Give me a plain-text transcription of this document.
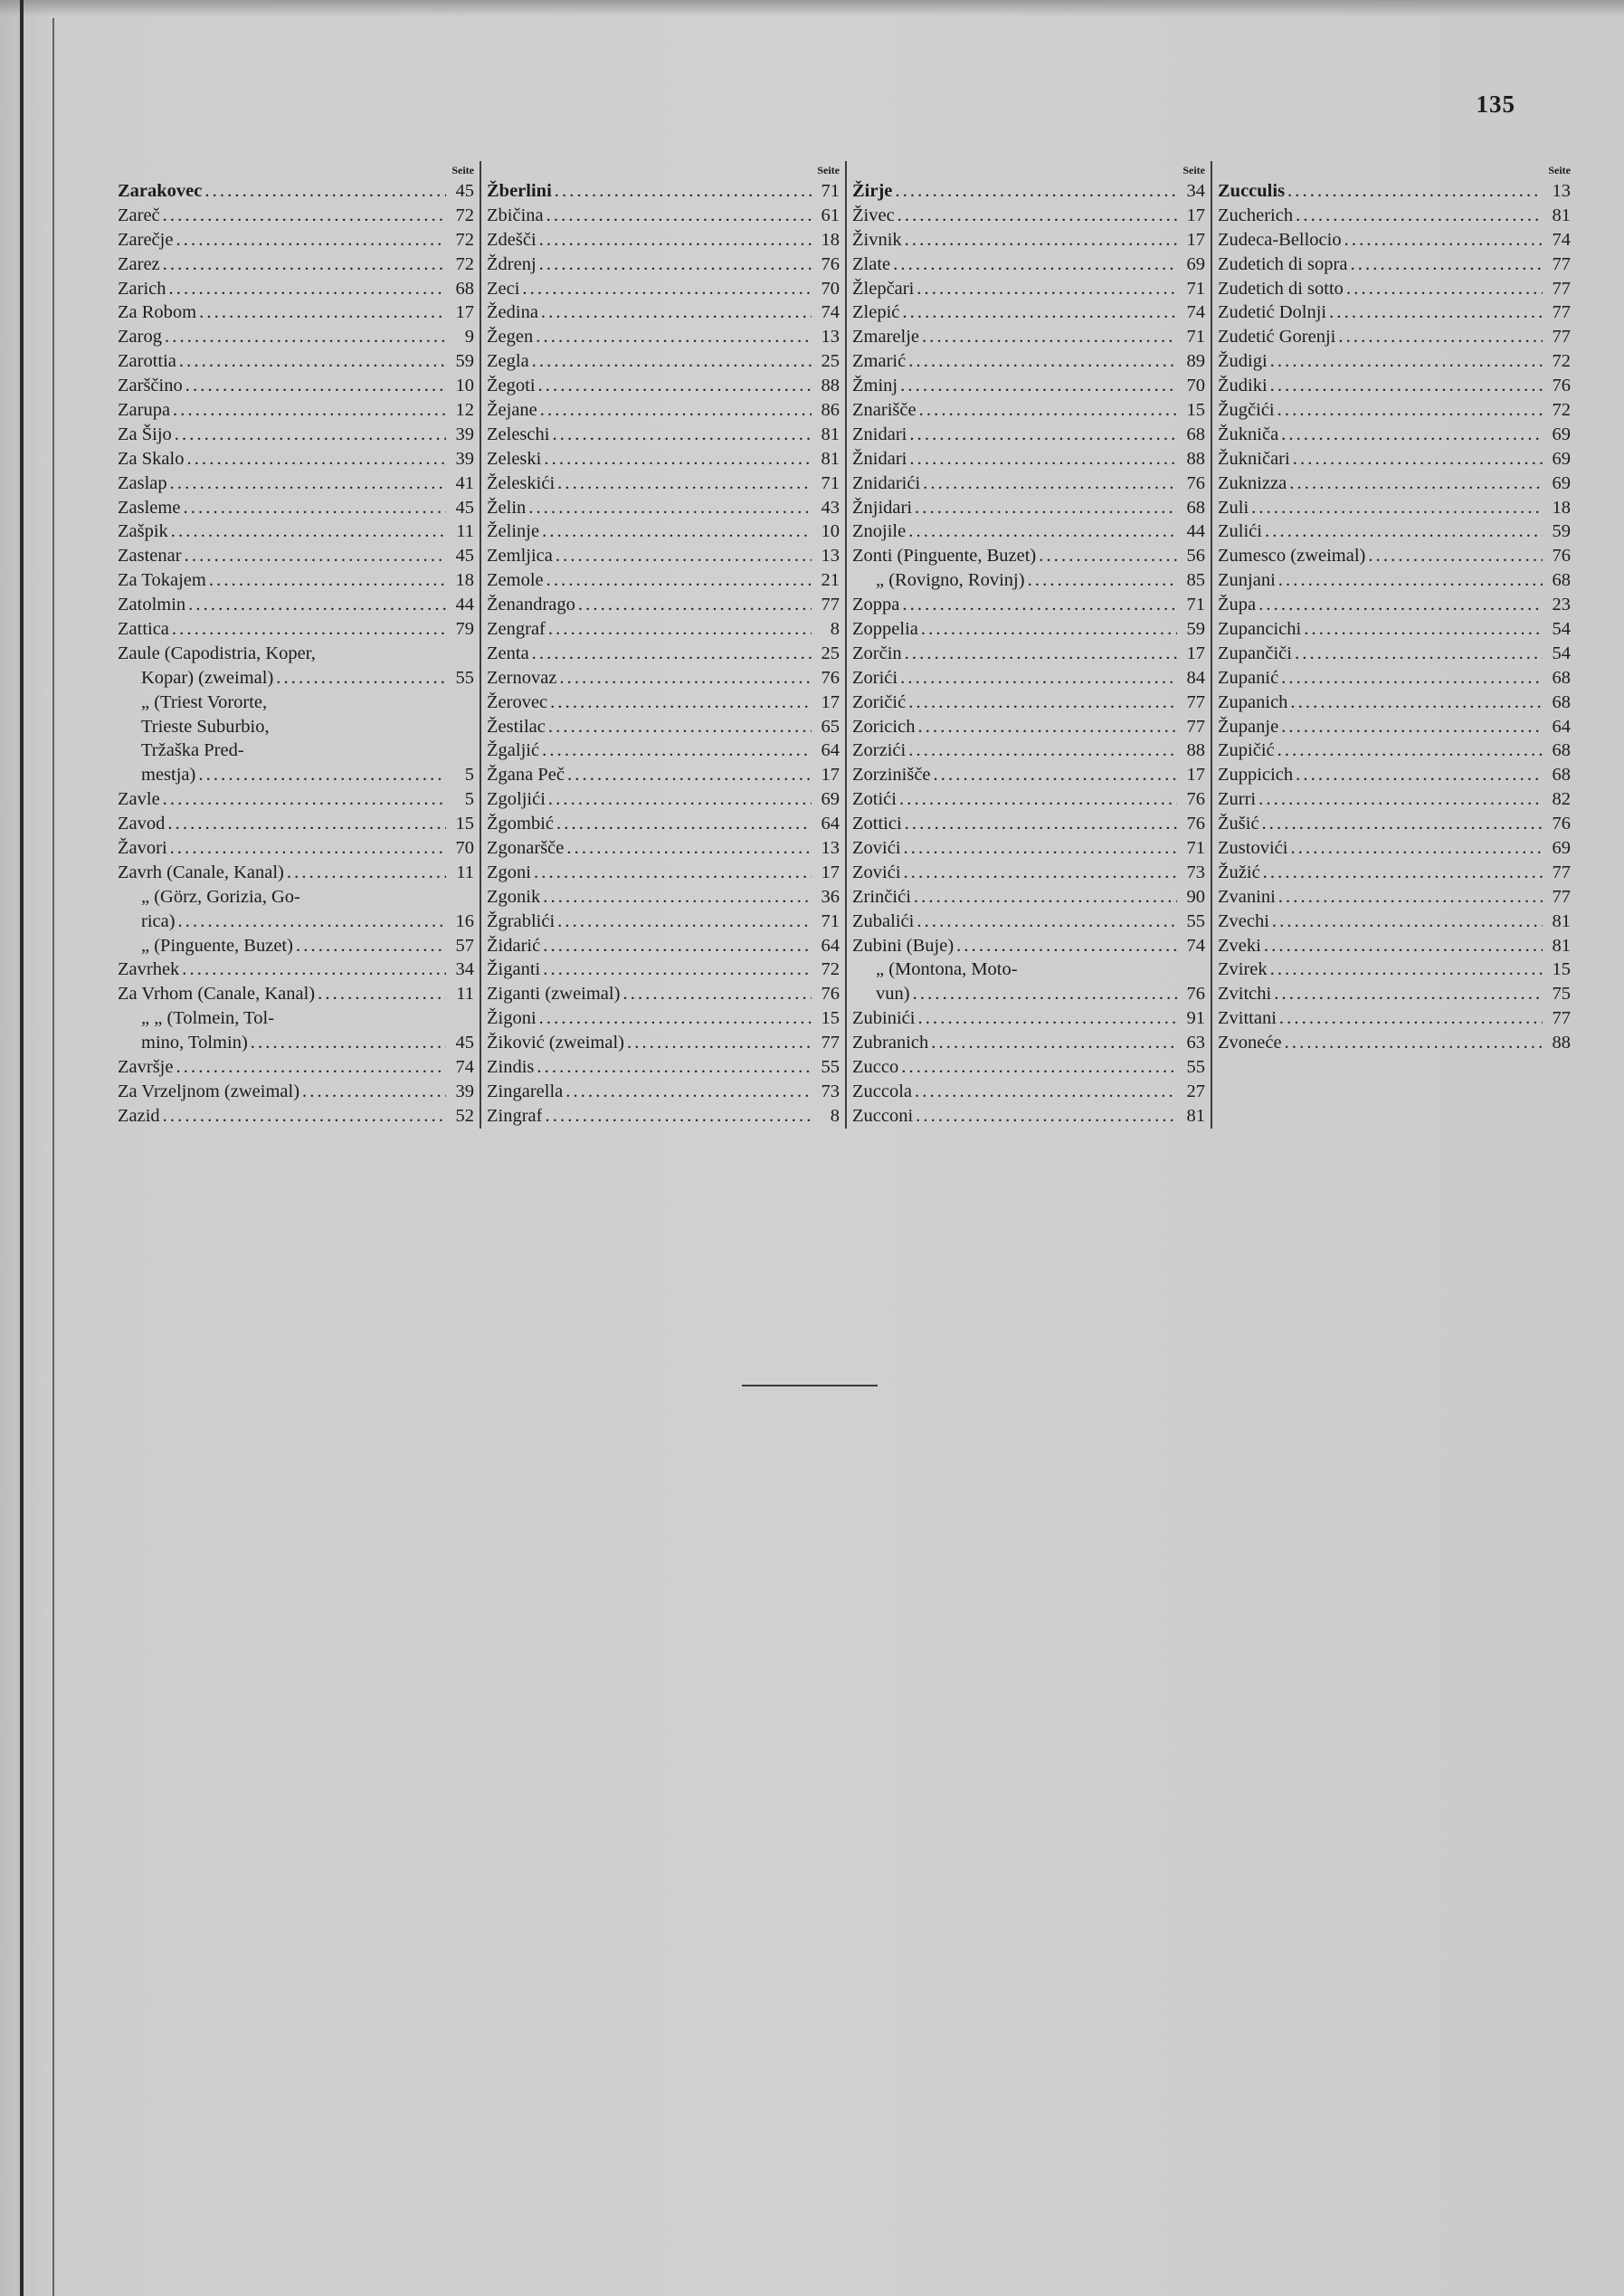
135
Seite
Zarakovec . . .	45
Zareč . . .	72
Zarečje . . .	72
Zarez . . .	72
Zarich . . .	68
Za Robom . . .	17
Zarog . . .	9
Zarottia . . .	59
Zarščino . . .	10
Zarupa . . .	12
Za Šijo . . .	39
Za Skalo . . .	39
Zaslap . . .	41
Zasleme . . .	45
Zašpik . . .	11
Zastenar . . .	45
Za Tokajem . . .	18
Zatolmin . . .	44
Zattica . . .	79
Zaule (Capodistria, Koper,
Kopar) (zweimal) . . .	55
„ (Triest Vororte,
Trieste Suburbio,
Tržaška Pred-
mestja) . . .	5
Zavle . . .	5
Zavod . . .	15
Žavori . . .	70
Zavrh (Canale, Kanal) . . .	11
„ (Görz, Gorizia, Go-
rica) . . .	16
„ (Pinguente, Buzet) . . .	57
Zavrhek . . .	34
Za Vrhom (Canale, Kanal) . . .	11
„ „ (Tolmein, Tol-
mino, Tolmin) . . .	45
Završje . . .	74
Za Vrzeljnom (zweimal) . . .	39
Zazid . . .	52
Seite
Žberlini . . .	71
Zbičina . . .	61
Zdešči . . .	18
Ždrenj . . .	76
Zeci . . .	70
Žedina . . .	74
Žegen . . .	13
Zegla . . .	25
Žegoti . . .	88
Žejane . . .	86
Zeleschi . . .	81
Zeleski . . .	81
Želeskići . . .	71
Želin . . .	43
Želinje . . .	10
Zemljica . . .	13
Zemole . . .	21
Ženandrago . . .	77
Zengraf . . .	8
Zenta . . .	25
Zernovaz . . .	76
Žerovec . . .	17
Žestilac . . .	65
Žgaljić . . .	64
Žgana Peč . . .	17
Zgoljići . . .	69
Žgombić . . .	64
Zgonaršče . . .	13
Zgoni . . .	17
Zgonik . . .	36
Žgrablići . . .	71
Židarić . . .	64
Žiganti . . .	72
Ziganti (zweimal) . . .	76
Žigoni . . .	15
Žiković (zweimal) . . .	77
Zindis . . .	55
Zingarella . . .	73
Zingraf . . .	8
Seite
Žirje . . .	34
Živec . . .	17
Živnik . . .	17
Zlate . . .	69
Žlepčari . . .	71
Zlepić . . .	74
Zmarelje . . .	71
Zmarić . . .	89
Žminj . . .	70
Znarišče . . .	15
Znidari . . .	68
Žnidari . . .	88
Znidarići . . .	76
Žnjidari . . .	68
Znojile . . .	44
Zonti (Pinguente, Buzet) . . .	56
„ (Rovigno, Rovinj) . . .	85
Zoppa . . .	71
Zoppelia . . .	59
Zorčin . . .	17
Zorići . . .	84
Zoričić . . .	77
Zoricich . . .	77
Zorzići . . .	88
Zorzinišče . . .	17
Zotići . . .	76
Zottici . . .	76
Zovići . . .	71
Zovići . . .	73
Zrinčići . . .	90
Zubalići . . .	55
Zubini (Buje) . . .	74
„ (Montona, Moto-
vun) . . .	76
Zubinići . . .	91
Zubranich . . .	63
Zucco . . .	55
Zuccola . . .	27
Zucconi . . .	81
Seite
Zucculis . . .	13
Zucherich . . .	81
Zudeca-Bellocio . . .	74
Zudetich di sopra . . .	77
Zudetich di sotto . . .	77
Zudetić Dolnji . . .	77
Zudetić Gorenji . . .	77
Žudigi . . .	72
Žudiki . . .	76
Žugčići . . .	72
Žukniča . . .	69
Žukničari . . .	69
Zuknizza . . .	69
Zuli . . .	18
Zulići . . .	59
Zumesco (zweimal) . . .	76
Zunjani . . .	68
Župa . . .	23
Zupancichi . . .	54
Zupančiči . . .	54
Zupanić . . .	68
Zupanich . . .	68
Županje . . .	64
Zupičić . . .	68
Zuppicich . . .	68
Zurri . . .	82
Žušić . . .	76
Zustovići . . .	69
Žužić . . .	77
Zvanini . . .	77
Zvechi . . .	81
Zveki . . .	81
Zvirek . . .	15
Zvitchi . . .	75
Zvittani . . .	77
Zvoneće . . .	88
